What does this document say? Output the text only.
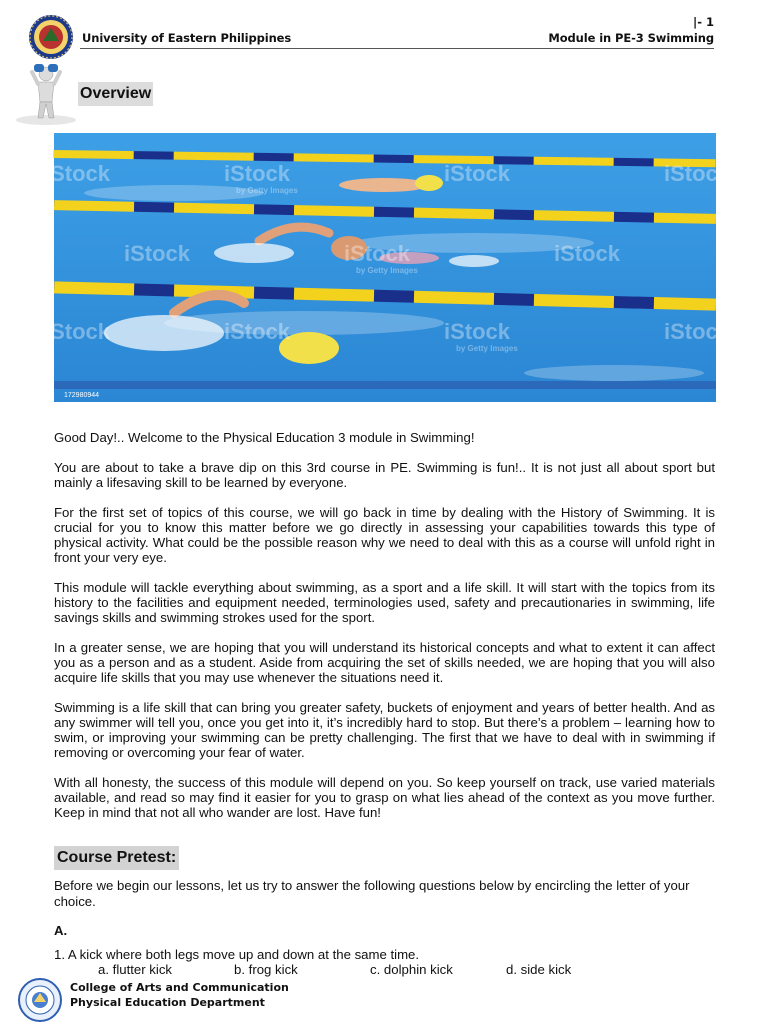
|- 1
University of Eastern Philippines	Module in PE-3 Swimming
Overview
iStock	iStock	iStock	iStock
iStock	iStock	iStock
iStock	iStock	iStock	iStock
by Getty Images
by Getty Images
by Getty Images
172980944

Good Day!.. Welcome to the Physical Education 3 module in Swimming!

You are about to take a brave dip on this 3rd course in PE. Swimming is fun!.. It is not just all about sport but mainly a lifesaving skill to be learned by everyone.

For the first set of topics of this course, we will go back in time by dealing with the History of Swimming. It is crucial for you to know this matter before we go directly in assessing your capabilities towards this type of physical activity. What could be the possible reason why we need to deal with this as a course will unfold right in front your very eye.

This module will tackle everything about swimming, as a sport and a life skill. It will start with the topics from its history to the facilities and equipment needed, terminologies used, safety and precautionaries in swimming, life savings skills and swimming strokes used for the sport.

In a greater sense, we are hoping that you will understand its historical concepts and what to extent it can affect you as a person and as a student. Aside from acquiring the set of skills needed, we are hoping that you will also acquire life skills that you may use whenever the situations need it.

Swimming is a life skill that can bring you greater safety, buckets of enjoyment and years of better health. And as any swimmer will tell you, once you get into it, it’s incredibly hard to stop. But there’s a problem – learning how to swim, or improving your swimming can be pretty challenging. The first that we have to deal with in swimming if removing or overcoming your fear of water.

With all honesty, the success of this module will depend on you. So keep yourself on track, use varied materials available, and read so may find it easier for you to grasp on what lies ahead of the context as you move further. Keep in mind that not all who wander are lost. Have fun!

Course Pretest:
Before we begin our lessons, let us try to answer the following questions below by encircling the letter of your choice.
A.
1. A kick where both legs move up and down at the same time.
a. flutter kick	b. frog kick	c. dolphin kick	d. side kick
College of Arts and Communication
Physical Education Department
